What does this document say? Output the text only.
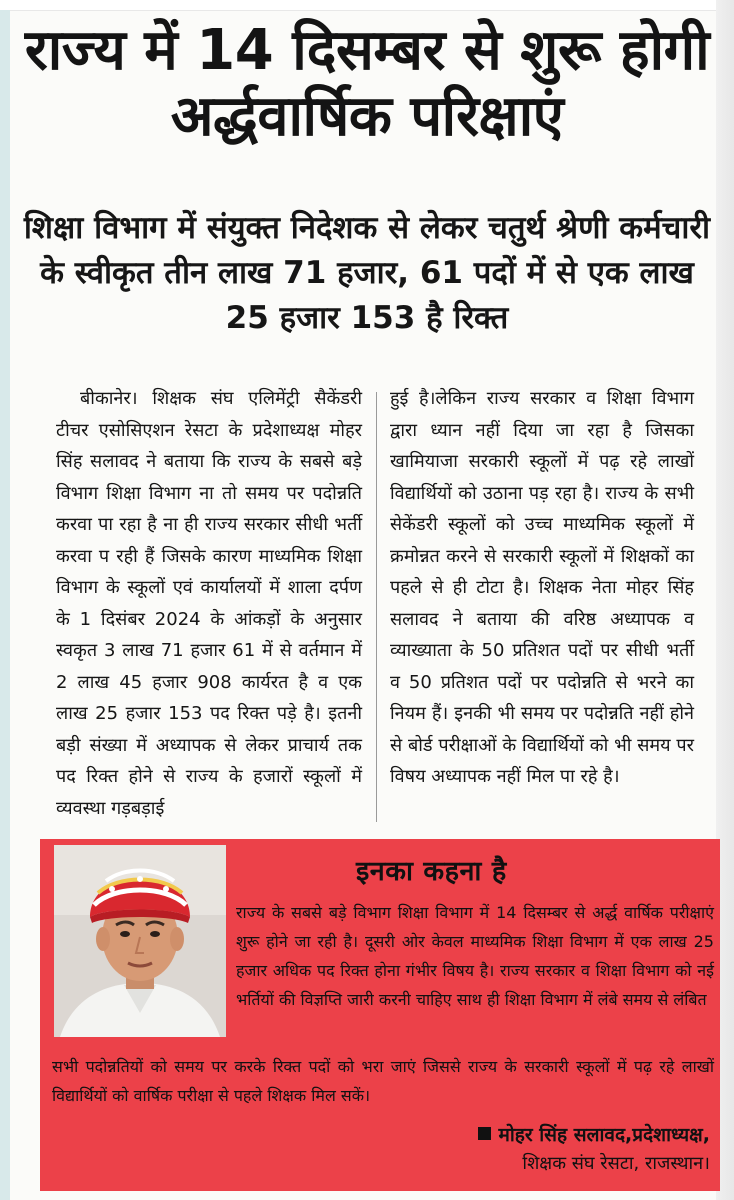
राज्य में 14 दिसम्बर से शुरू होगी अर्द्धवार्षिक परिक्षाएं
शिक्षा विभाग में संयुक्त निदेशक से लेकर चतुर्थ श्रेणी कर्मचारी के स्वीकृत तीन लाख 71 हजार, 61 पदों में से एक लाख 25 हजार 153 है रिक्त
बीकानेर। शिक्षक संघ एलिमेंट्री सैकेंडरी टीचर एसोसिएशन रेसटा के प्रदेशाध्यक्ष मोहर सिंह सलावद ने बताया कि राज्य के सबसे बड़े विभाग शिक्षा विभाग ना तो समय पर पदोन्नति करवा पा रहा है ना ही राज्य सरकार सीधी भर्ती करवा प रही हैं जिसके कारण माध्यमिक शिक्षा विभाग के स्कूलों एवं कार्यालयों में शाला दर्पण के 1 दिसंबर 2024 के आंकड़ों के अनुसार स्वकृत 3 लाख 71 हजार 61 में से वर्तमान में 2 लाख 45 हजार 908 कार्यरत है व एक लाख 25 हजार 153 पद रिक्त पड़े है। इतनी बड़ी संख्या में अध्यापक से लेकर प्राचार्य तक पद रिक्त होने से राज्य के हजारों स्कूलों में व्यवस्था गड़बड़ाई
हुई है।लेकिन राज्य सरकार व शिक्षा विभाग द्वारा ध्यान नहीं दिया जा रहा है जिसका खामियाजा सरकारी स्कूलों में पढ़ रहे लाखों विद्यार्थियों को उठाना पड़ रहा है। राज्य के सभी सेकेंडरी स्कूलों को उच्च माध्यमिक स्कूलों में क्रमोन्नत करने से सरकारी स्कूलों में शिक्षकों का पहले से ही टोटा है। शिक्षक नेता मोहर सिंह सलावद ने बताया की वरिष्ठ अध्यापक व व्याख्याता के 50 प्रतिशत पदों पर सीधी भर्ती व 50 प्रतिशत पदों पर पदोन्नति से भरने का नियम हैं। इनकी भी समय पर पदोन्नति नहीं होने से बोर्ड परीक्षाओं के विद्यार्थियों को भी समय पर विषय अध्यापक नहीं मिल पा रहे है।
इनका कहना है
राज्य के सबसे बड़े विभाग शिक्षा विभाग में 14 दिसम्बर से अर्द्ध वार्षिक परीक्षाएं शुरू होने जा रही है। दूसरी ओर केवल माध्यमिक शिक्षा विभाग में एक लाख 25 हजार अधिक पद रिक्त होना गंभीर विषय है। राज्य सरकार व शिक्षा विभाग को नई भर्तियों की विज्ञप्ति जारी करनी चाहिए साथ ही शिक्षा विभाग में लंबे समय से लंबित
सभी पदोन्नतियों को समय पर करके रिक्त पदों को भरा जाएं जिससे राज्य के सरकारी स्कूलों में पढ़ रहे लाखों विद्यार्थियों को वार्षिक परीक्षा से पहले शिक्षक मिल सकें।
मोहर सिंह सलावद,प्रदेशाध्यक्ष,
शिक्षक संघ रेसटा, राजस्थान।
